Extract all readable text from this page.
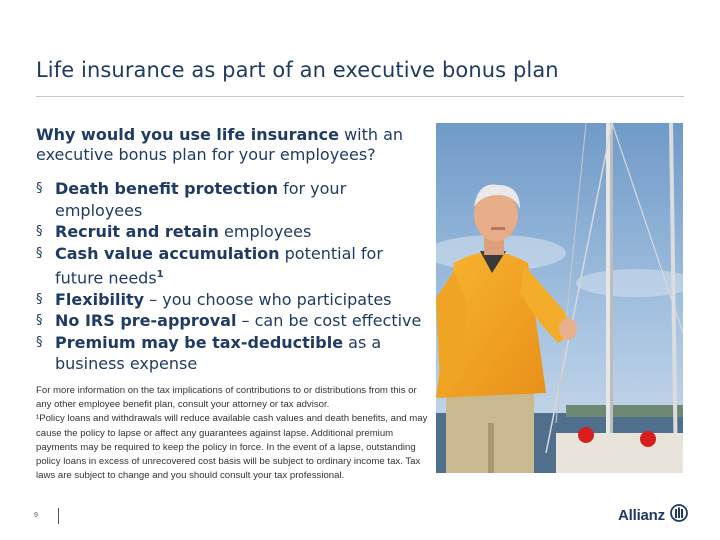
Life insurance as part of an executive bonus plan
Why would you use life insurance with an executive bonus plan for your employees?
§ Death benefit protection for your employees
§ Recruit and retain employees
§ Cash value accumulation potential for future needs$^1$
§ Flexibility – you choose who participates
§ No IRS pre-approval – can be cost effective
§ Premium may be tax-deductible as a business expense

For more information on the tax implications of contributions to or distributions from this or any other employee benefit plan, consult your attorney or tax advisor.

¹Policy loans and withdrawals will reduce available cash values and death benefits, and may cause the policy to lapse or affect any guarantees against lapse. Additional premium payments may be required to keep the policy in force. In the event of a lapse, outstanding policy loans in excess of unrecovered cost basis will be subject to ordinary income tax. Tax laws are subject to change and you should consult your tax professional.

9	Allianz
